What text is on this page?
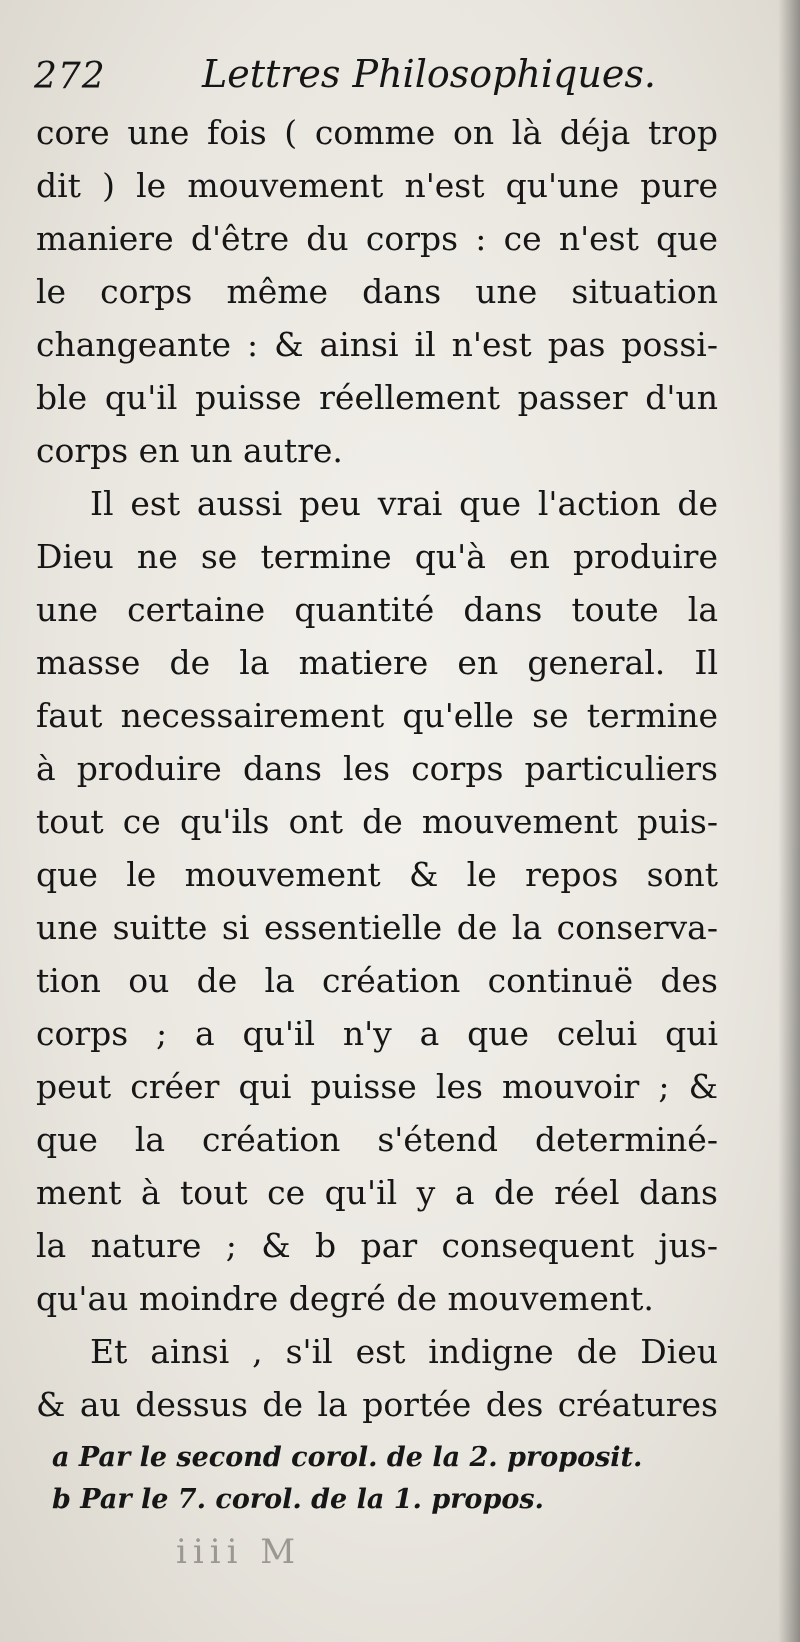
272	Lettres Philosophiques.
core une fois ( comme on là déja trop
dit ) le mouvement n'est qu'une pure
maniere d'être du corps : ce n'est que
le corps même dans une situation
changeante : & ainsi il n'est pas possi-
ble qu'il puisse réellement passer d'un
corps en un autre.
Il est aussi peu vrai que l'action de
Dieu ne se termine qu'à en produire
une certaine quantité dans toute la
masse de la matiere en general. Il
faut necessairement qu'elle se termine
à produire dans les corps particuliers
tout ce qu'ils ont de mouvement puis-
que le mouvement & le repos sont
une suitte si essentielle de la conserva-
tion ou de la création continuë des
corps ; a qu'il n'y a que celui qui
peut créer qui puisse les mouvoir ; &
que la création s'étend determiné-
ment à tout ce qu'il y a de réel dans
la nature ; & b par consequent jus-
qu'au moindre degré de mouvement.
Et ainsi , s'il est indigne de Dieu
& au dessus de la portée des créatures
a Par le second corol. de la 2. proposit.
b Par le 7. corol. de la 1. propos.
iiii M
